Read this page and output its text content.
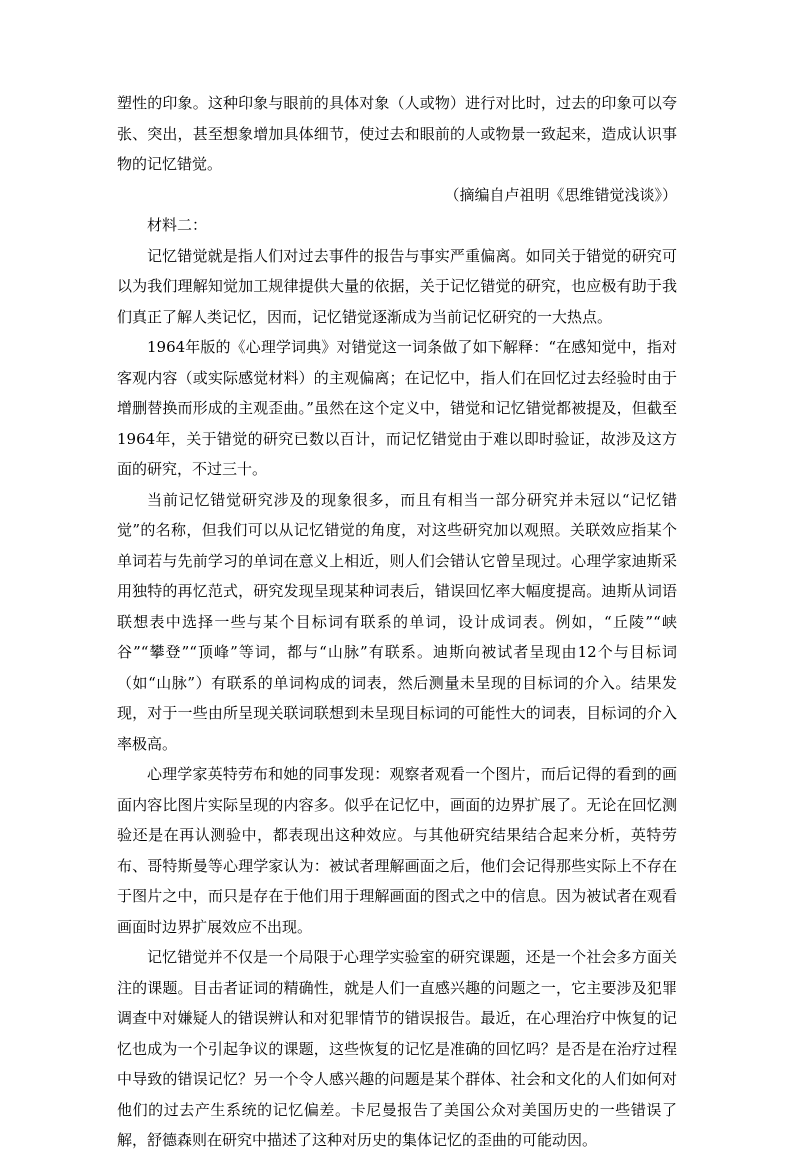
塑性的印象。这种印象与眼前的具体对象（人或物）进行对比时，过去的印象可以夸张、突出，甚至想象增加具体细节，使过去和眼前的人或物景一致起来，造成认识事物的记忆错觉。

（摘编自卢祖明《思维错觉浅谈》）

材料二：

记忆错觉就是指人们对过去事件的报告与事实严重偏离。如同关于错觉的研究可以为我们理解知觉加工规律提供大量的依据，关于记忆错觉的研究，也应极有助于我们真正了解人类记忆，因而，记忆错觉逐渐成为当前记忆研究的一大热点。

1964年版的《心理学词典》对错觉这一词条做了如下解释：“在感知觉中，指对客观内容（或实际感觉材料）的主观偏离；在记忆中，指人们在回忆过去经验时由于增删替换而形成的主观歪曲。”虽然在这个定义中，错觉和记忆错觉都被提及，但截至1964年，关于错觉的研究已数以百计，而记忆错觉由于难以即时验证，故涉及这方面的研究，不过三十。

当前记忆错觉研究涉及的现象很多，而且有相当一部分研究并未冠以“记忆错觉”的名称，但我们可以从记忆错觉的角度，对这些研究加以观照。关联效应指某个单词若与先前学习的单词在意义上相近，则人们会错认它曾呈现过。心理学家迪斯采用独特的再忆范式，研究发现呈现某种词表后，错误回忆率大幅度提高。迪斯从词语联想表中选择一些与某个目标词有联系的单词，设计成词表。例如，“丘陵”“峡谷”“攀登”“顶峰”等词，都与“山脉”有联系。迪斯向被试者呈现由12个与目标词（如“山脉”）有联系的单词构成的词表，然后测量未呈现的目标词的介入。结果发现，对于一些由所呈现关联词联想到未呈现目标词的可能性大的词表，目标词的介入率极高。

心理学家英特劳布和她的同事发现：观察者观看一个图片，而后记得的看到的画面内容比图片实际呈现的内容多。似乎在记忆中，画面的边界扩展了。无论在回忆测验还是在再认测验中，都表现出这种效应。与其他研究结果结合起来分析，英特劳布、哥特斯曼等心理学家认为：被试者理解画面之后，他们会记得那些实际上不存在于图片之中，而只是存在于他们用于理解画面的图式之中的信息。因为被试者在观看画面时边界扩展效应不出现。

记忆错觉并不仅是一个局限于心理学实验室的研究课题，还是一个社会多方面关注的课题。目击者证词的精确性，就是人们一直感兴趣的问题之一，它主要涉及犯罪调查中对嫌疑人的错误辨认和对犯罪情节的错误报告。最近，在心理治疗中恢复的记忆也成为一个引起争议的课题，这些恢复的记忆是准确的回忆吗？是否是在治疗过程中导致的错误记忆？另一个令人感兴趣的问题是某个群体、社会和文化的人们如何对他们的过去产生系统的记忆偏差。卡尼曼报告了美国公众对美国历史的一些错误了解，舒德森则在研究中描述了这种对历史的集体记忆的歪曲的可能动因。
